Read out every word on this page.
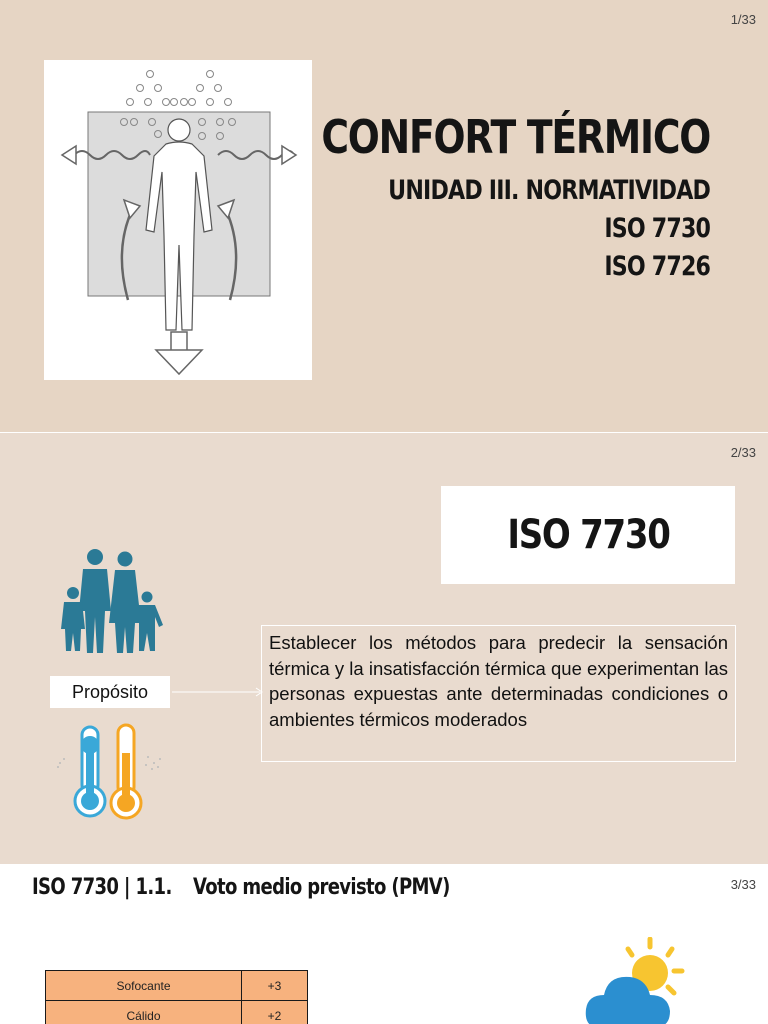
1/33
CONFORT TÉRMICO
UNIDAD III. NORMATIVIDAD
ISO 7730
ISO 7726
2/33
ISO 7730
Propósito
Establecer los métodos para predecir la sensación térmica y la insatisfacción térmica que experimentan las personas expuestas ante determinadas condiciones o ambientes térmicos moderados
3/33
ISO 7730 | 1.1. Voto medio previsto (PMV)
Sofocante	+3
Cálido	+2
